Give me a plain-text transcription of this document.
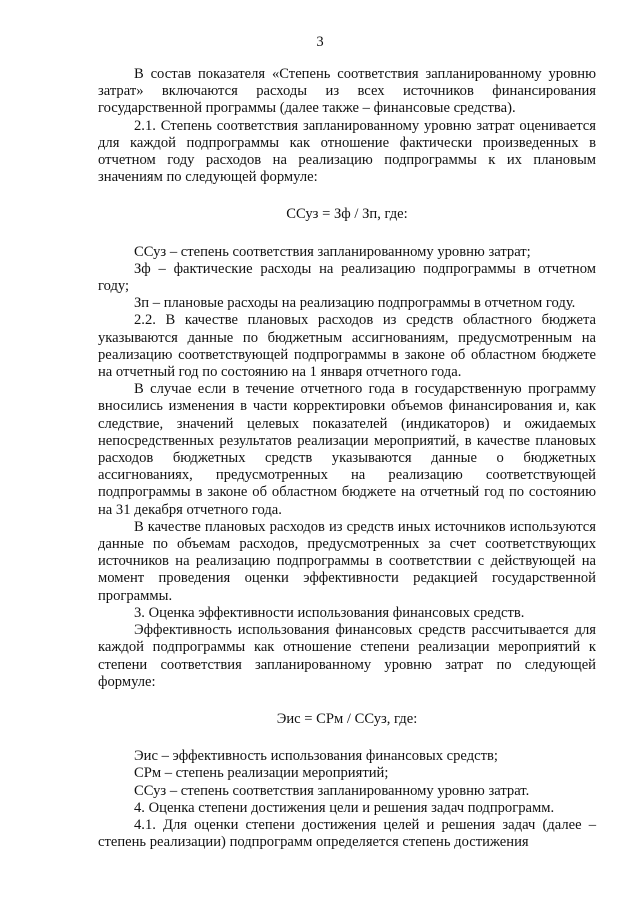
3

В состав показателя «Степень соответствия запланированному уровню затрат» включаются расходы из всех источников финансирования государственной программы (далее также – финансовые средства).

2.1. Степень соответствия запланированному уровню затрат оценивается для каждой подпрограммы как отношение фактически произведенных в отчетном году расходов на реализацию подпрограммы к их плановым значениям по следующей формуле:

ССуз = Зф / Зп, где:

ССуз – степень соответствия запланированному уровню затрат;

Зф – фактические расходы на реализацию подпрограммы в отчетном году;

Зп – плановые расходы на реализацию подпрограммы в отчетном году.

2.2. В качестве плановых расходов из средств областного бюджета указываются данные по бюджетным ассигнованиям, предусмотренным на реализацию соответствующей подпрограммы в законе об областном бюджете на отчетный год по состоянию на 1 января отчетного года.

В случае если в течение отчетного года в государственную программу вносились изменения в части корректировки объемов финансирования и, как следствие, значений целевых показателей (индикаторов) и ожидаемых непосредственных результатов реализации мероприятий, в качестве плановых расходов бюджетных средств указываются данные о бюджетных ассигнованиях, предусмотренных на реализацию соответствующей подпрограммы в законе об областном бюджете на отчетный год по состоянию на 31 декабря отчетного года.

В качестве плановых расходов из средств иных источников используются данные по объемам расходов, предусмотренных за счет соответствующих источников на реализацию подпрограммы в соответствии с действующей на момент проведения оценки эффективности редакцией государственной программы.

3. Оценка эффективности использования финансовых средств.

Эффективность использования финансовых средств рассчитывается для каждой подпрограммы как отношение степени реализации мероприятий к степени соответствия запланированному уровню затрат по следующей формуле:

Эис = СРм / ССуз, где:

Эис – эффективность использования финансовых средств;

СРм – степень реализации мероприятий;

ССуз – степень соответствия запланированному уровню затрат.

4. Оценка степени достижения цели и решения задач подпрограмм.

4.1. Для оценки степени достижения целей и решения задач (далее – степень реализации) подпрограмм определяется степень достижения
